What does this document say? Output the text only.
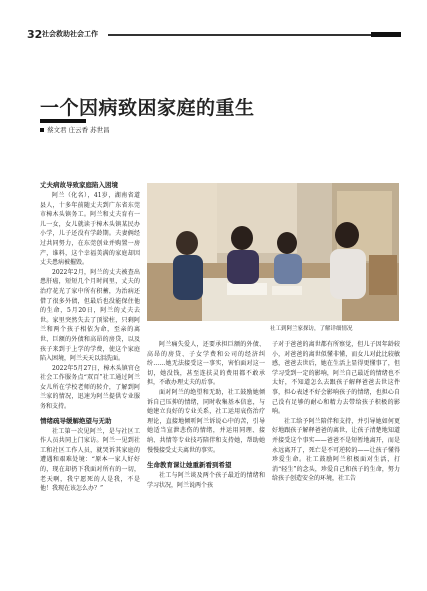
32 社会救助社会工作
一个因病致困家庭的重生
蔡文君 庄云香 苏世昌
丈夫病故导致家庭陷入困境

阿兰（化名），41岁，湖南省道县人，十多年前随丈夫到广东省东莞市樟木头镇务工。阿兰和丈夫育有一儿一女，女儿就读于樟木头镇某民办小学，儿子还没有学龄期。夫妻俩经过共同努力，在东莞创业并购置一房产，谁料，这个幸福美满的家庭却因丈夫患病被摧毁。

2022年2月，阿兰的丈夫被查出患肝癌，短短几个月时间里，丈夫的治疗花光了家中所有积蓄，为治病还借了很多外债，但最后也没能保住他的生命，5月20日，阿兰的丈夫去世。家里突然失去了顶梁柱，只剩阿兰和两个孩子相依为命，至亲的离世、巨额的外债和高昂的房贷，以及孩子来到于上学的学费，使这个家庭陷入困境，阿兰天天以泪洗面。

2022年5月27日，樟木头镇官仓社会工作服务点“双百”社工通过阿兰女儿所在学校老师的转介，了解到阿兰家的情况，迅速为阿兰提供专业服务和支持。

情绪疏导缓解绝望与无助

社工第一次见阿兰，是与社区工作人员共同上门家访。阿兰一见到社工和社区工作人员，就哭诉其家庭的遭遇和艰难处境：“原本一家人好好的，现在却扔下我面对所有的一切，老天啊，我宁愿死的人是我，不是他！我现在该怎么办？”

社工到阿兰家探访，了解详细情况

阿兰痛失爱人，还要承担巨额的外债、高昂的房贷、子女学费和公司的经济纠纷……她无法接受这一事实，害怕面对这一切，她没钱，甚至连扶灵的费用都不敢承担，不敢办理丈夫的后事。

面对阿兰的绝望和无助，社工鼓励她倾诉自己压抑的情绪，同时收集基本信息，与她建立良好的专业关系，社工运用哀伤治疗理论，直接地倾听阿兰诉说心中的苦，引导她适当宣泄悲伤的情绪，并运用同理、接纳、共情等专业技巧陪伴和支持她，帮助她慢慢接受丈夫离世的事实。

生命教育课让她重新看到希望

社工与阿兰谈及两个孩子最近的情绪和学习状况，阿兰说两个孩

子对于爸爸的离世都有所察觉，但儿子因年龄较小，对爸爸的离世似懂非懂，而女儿对此比较敏感，爸爸去世后，她在生活上显得更懂事了，但学习受到一定的影响，阿兰自己最近的情绪也不太好，不知道怎么去跟孩子解释爸爸去世这件事，担心表述不好会影响孩子的情绪，也担心自己没有足够的耐心和精力去带给孩子积极的影响。

社工给予阿兰陪伴和支持，并引导她如何更好地跟孩子解释爸爸的离世，让孩子清楚地知道并接受这个事实——爸爸不是短暂地离开，而是永远离开了，死亡是不可逆转的——让孩子懂得珍爱生命。社工鼓励阿兰积极面对生活，打消“轻生”的念头，珍爱自己和孩子的生命，努力给孩子创造安全的环境，社工告
